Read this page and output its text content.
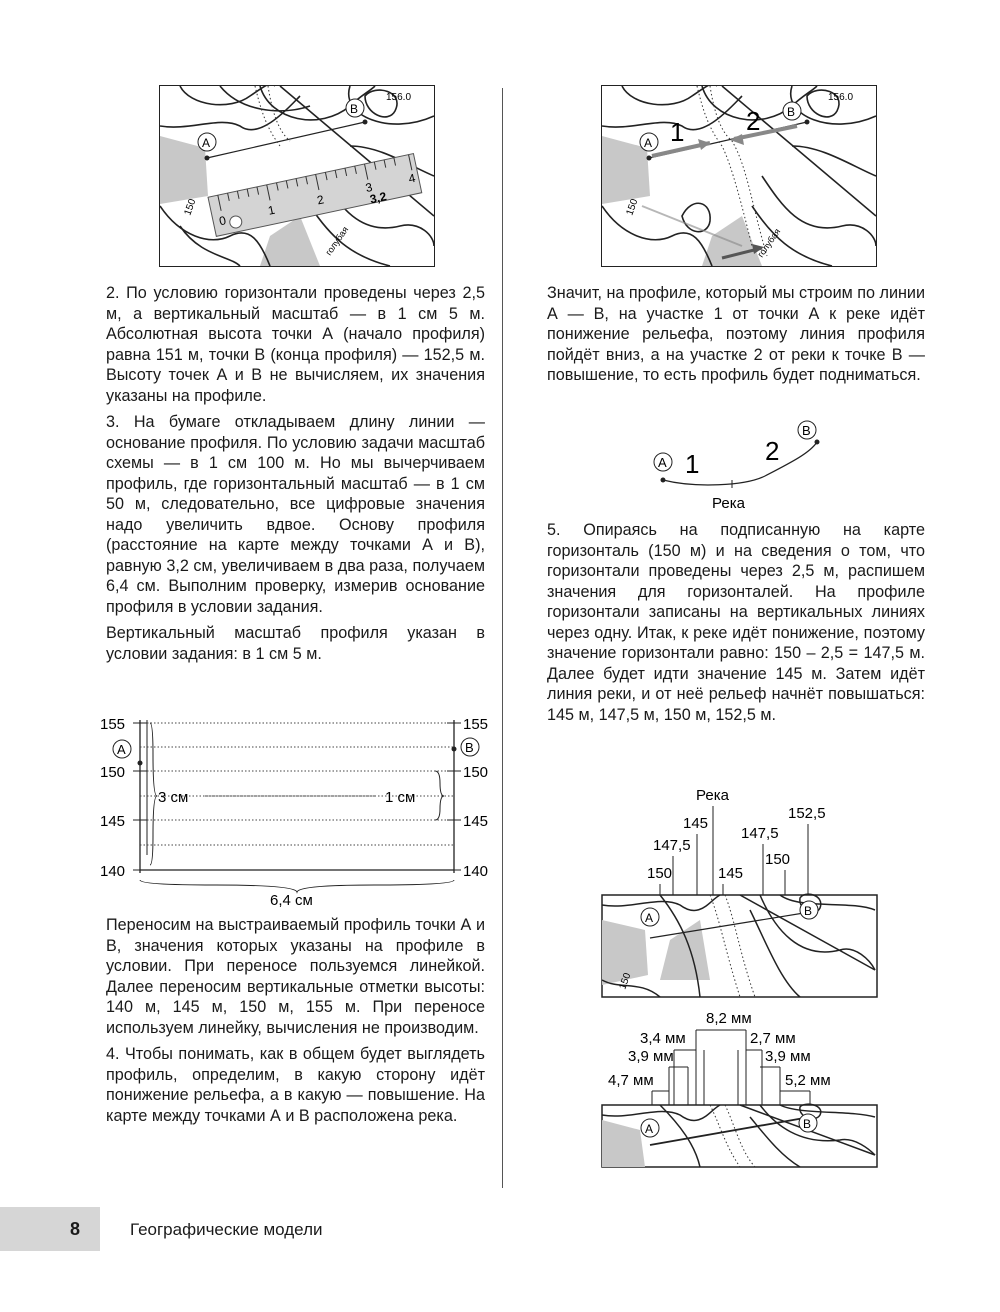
0
1
2
3
4
3,2
A
B
156.0
150
голубая

2. По условию горизонтали проведены через 2,5 м, а вертикальный масштаб — в 1 см 5 м. Абсолютная высота точки А (начало профиля) равна 151 м, точки В (конца профиля) — 152,5 м. Высоту точек А и В не вычисляем, их значения указаны на профиле.

3. На бумаге откладываем длину линии — основание профиля. По условию задачи масштаб схемы — в 1 см 100 м. Но мы вычерчиваем профиль, где горизонтальный масштаб — в 1 см 50 м, следовательно, все цифровые значения надо увеличить вдвое. Основу профиля (расстояние на карте между точками А и В), равную 3,2 см, увеличиваем в два раза, получаем 6,4 см. Выполним проверку, измерив основание профиля в условии задания.

Вертикальный масштаб профиля указан в условии задания: в 1 см 5 м.

155
150
145
140
155
150
145
140
A	B
3 см	1 см
6,4 см

Переносим на выстраиваемый профиль точки А и В, значения которых указаны на профиле в условии. При переносе пользуемся линейкой. Далее переносим вертикальные отметки высоты: 140 м, 145 м, 150 м, 155 м. При переносе используем линейку, вычисления не производим.

4. Чтобы понимать, как в общем будет выглядеть профиль, определим, в какую сторону идёт понижение рельефа, а в какую — повышение. На карте между точками А и В расположена река.

A
B
1 2
156.0
150
голубая

Значит, на профиле, который мы строим по линии А — В, на участке 1 от точки А к реке идёт понижение рельефа, поэтому линия профиля пойдёт вниз, а на участке 2 от реки к точке В — повышение, то есть профиль будет подниматься.

A
B
1	2
Река

5. Опираясь на подписанную на карте горизонталь (150 м) и на сведения о том, что горизонтали проведены через 2,5 м, распишем значения для горизонталей. На профиле горизонтали записаны на вертикальных линиях через одну. Итак, к реке идёт понижение, поэтому значение горизонтали равно: 150 – 2,5 = 147,5 м. Далее будет идти значение 145 м. Затем идёт линия реки, и от неё рельеф начнёт повышаться: 145 м, 147,5 м, 150 м, 152,5 м.

Река
152,5
145
147,5
147,5
150
150	145
A	B
150
8,2 мм
3,4 мм	2,7 мм
3,9 мм	3,9 мм
4,7 мм	5,2 мм
A	B
8	Географические модели
